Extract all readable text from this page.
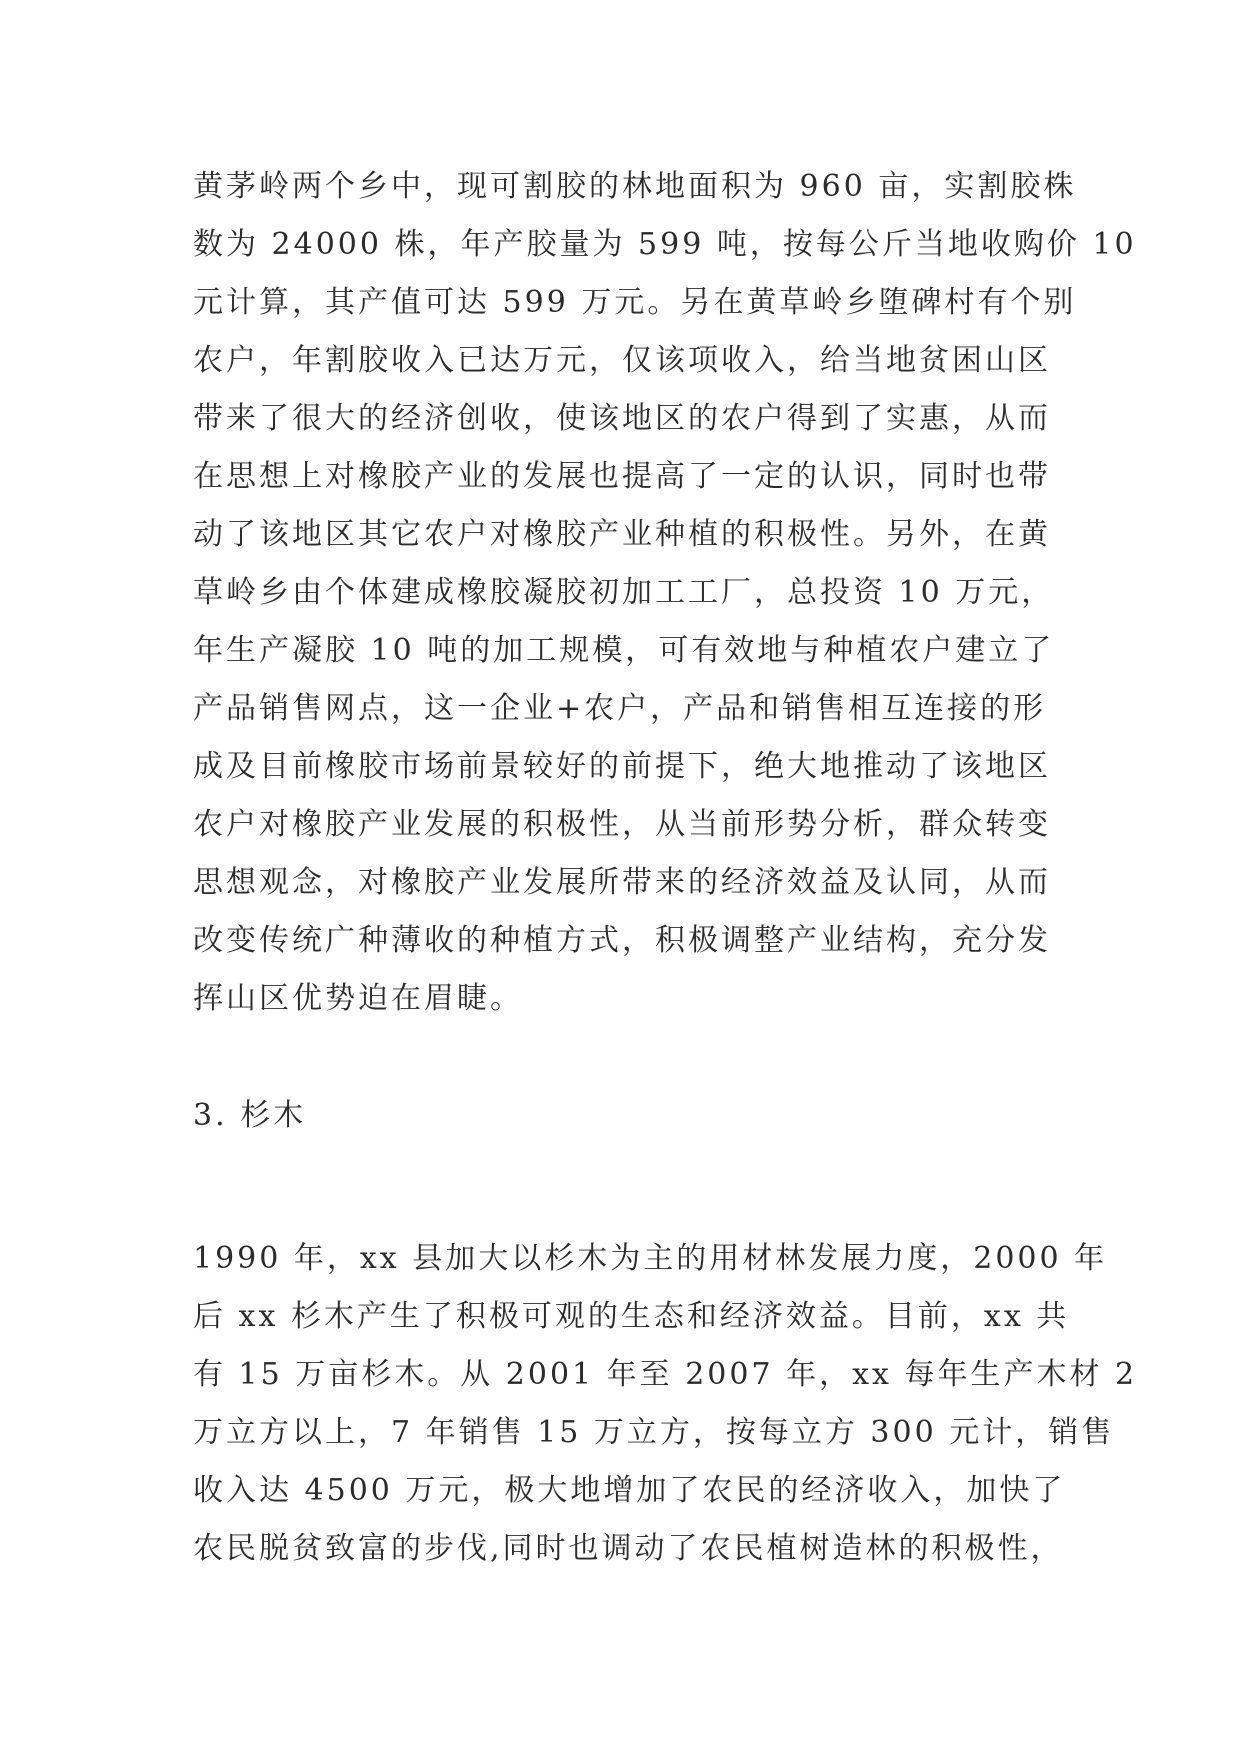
黄茅岭两个乡中，现可割胶的林地面积为 960 亩，实割胶株
数为 24000 株，年产胶量为 599 吨，按每公斤当地收购价 10
元计算，其产值可达 599 万元。另在黄草岭乡堕碑村有个别
农户，年割胶收入已达万元，仅该项收入，给当地贫困山区
带来了很大的经济创收，使该地区的农户得到了实惠，从而
在思想上对橡胶产业的发展也提高了一定的认识，同时也带
动了该地区其它农户对橡胶产业种植的积极性。另外，在黄
草岭乡由个体建成橡胶凝胶初加工工厂，总投资 10 万元，
年生产凝胶 10 吨的加工规模，可有效地与种植农户建立了
产品销售网点，这一企业+农户，产品和销售相互连接的形
成及目前橡胶市场前景较好的前提下，绝大地推动了该地区
农户对橡胶产业发展的积极性，从当前形势分析，群众转变
思想观念，对橡胶产业发展所带来的经济效益及认同，从而
改变传统广种薄收的种植方式，积极调整产业结构，充分发
挥山区优势迫在眉睫。
3. 杉木
1990 年，xx 县加大以杉木为主的用材林发展力度，2000 年
后 xx 杉木产生了积极可观的生态和经济效益。目前，xx 共
有 15 万亩杉木。从 2001 年至 2007 年，xx 每年生产木材 2
万立方以上，7 年销售 15 万立方，按每立方 300 元计，销售
收入达 4500 万元，极大地增加了农民的经济收入，加快了
农民脱贫致富的步伐,同时也调动了农民植树造林的积极性，
